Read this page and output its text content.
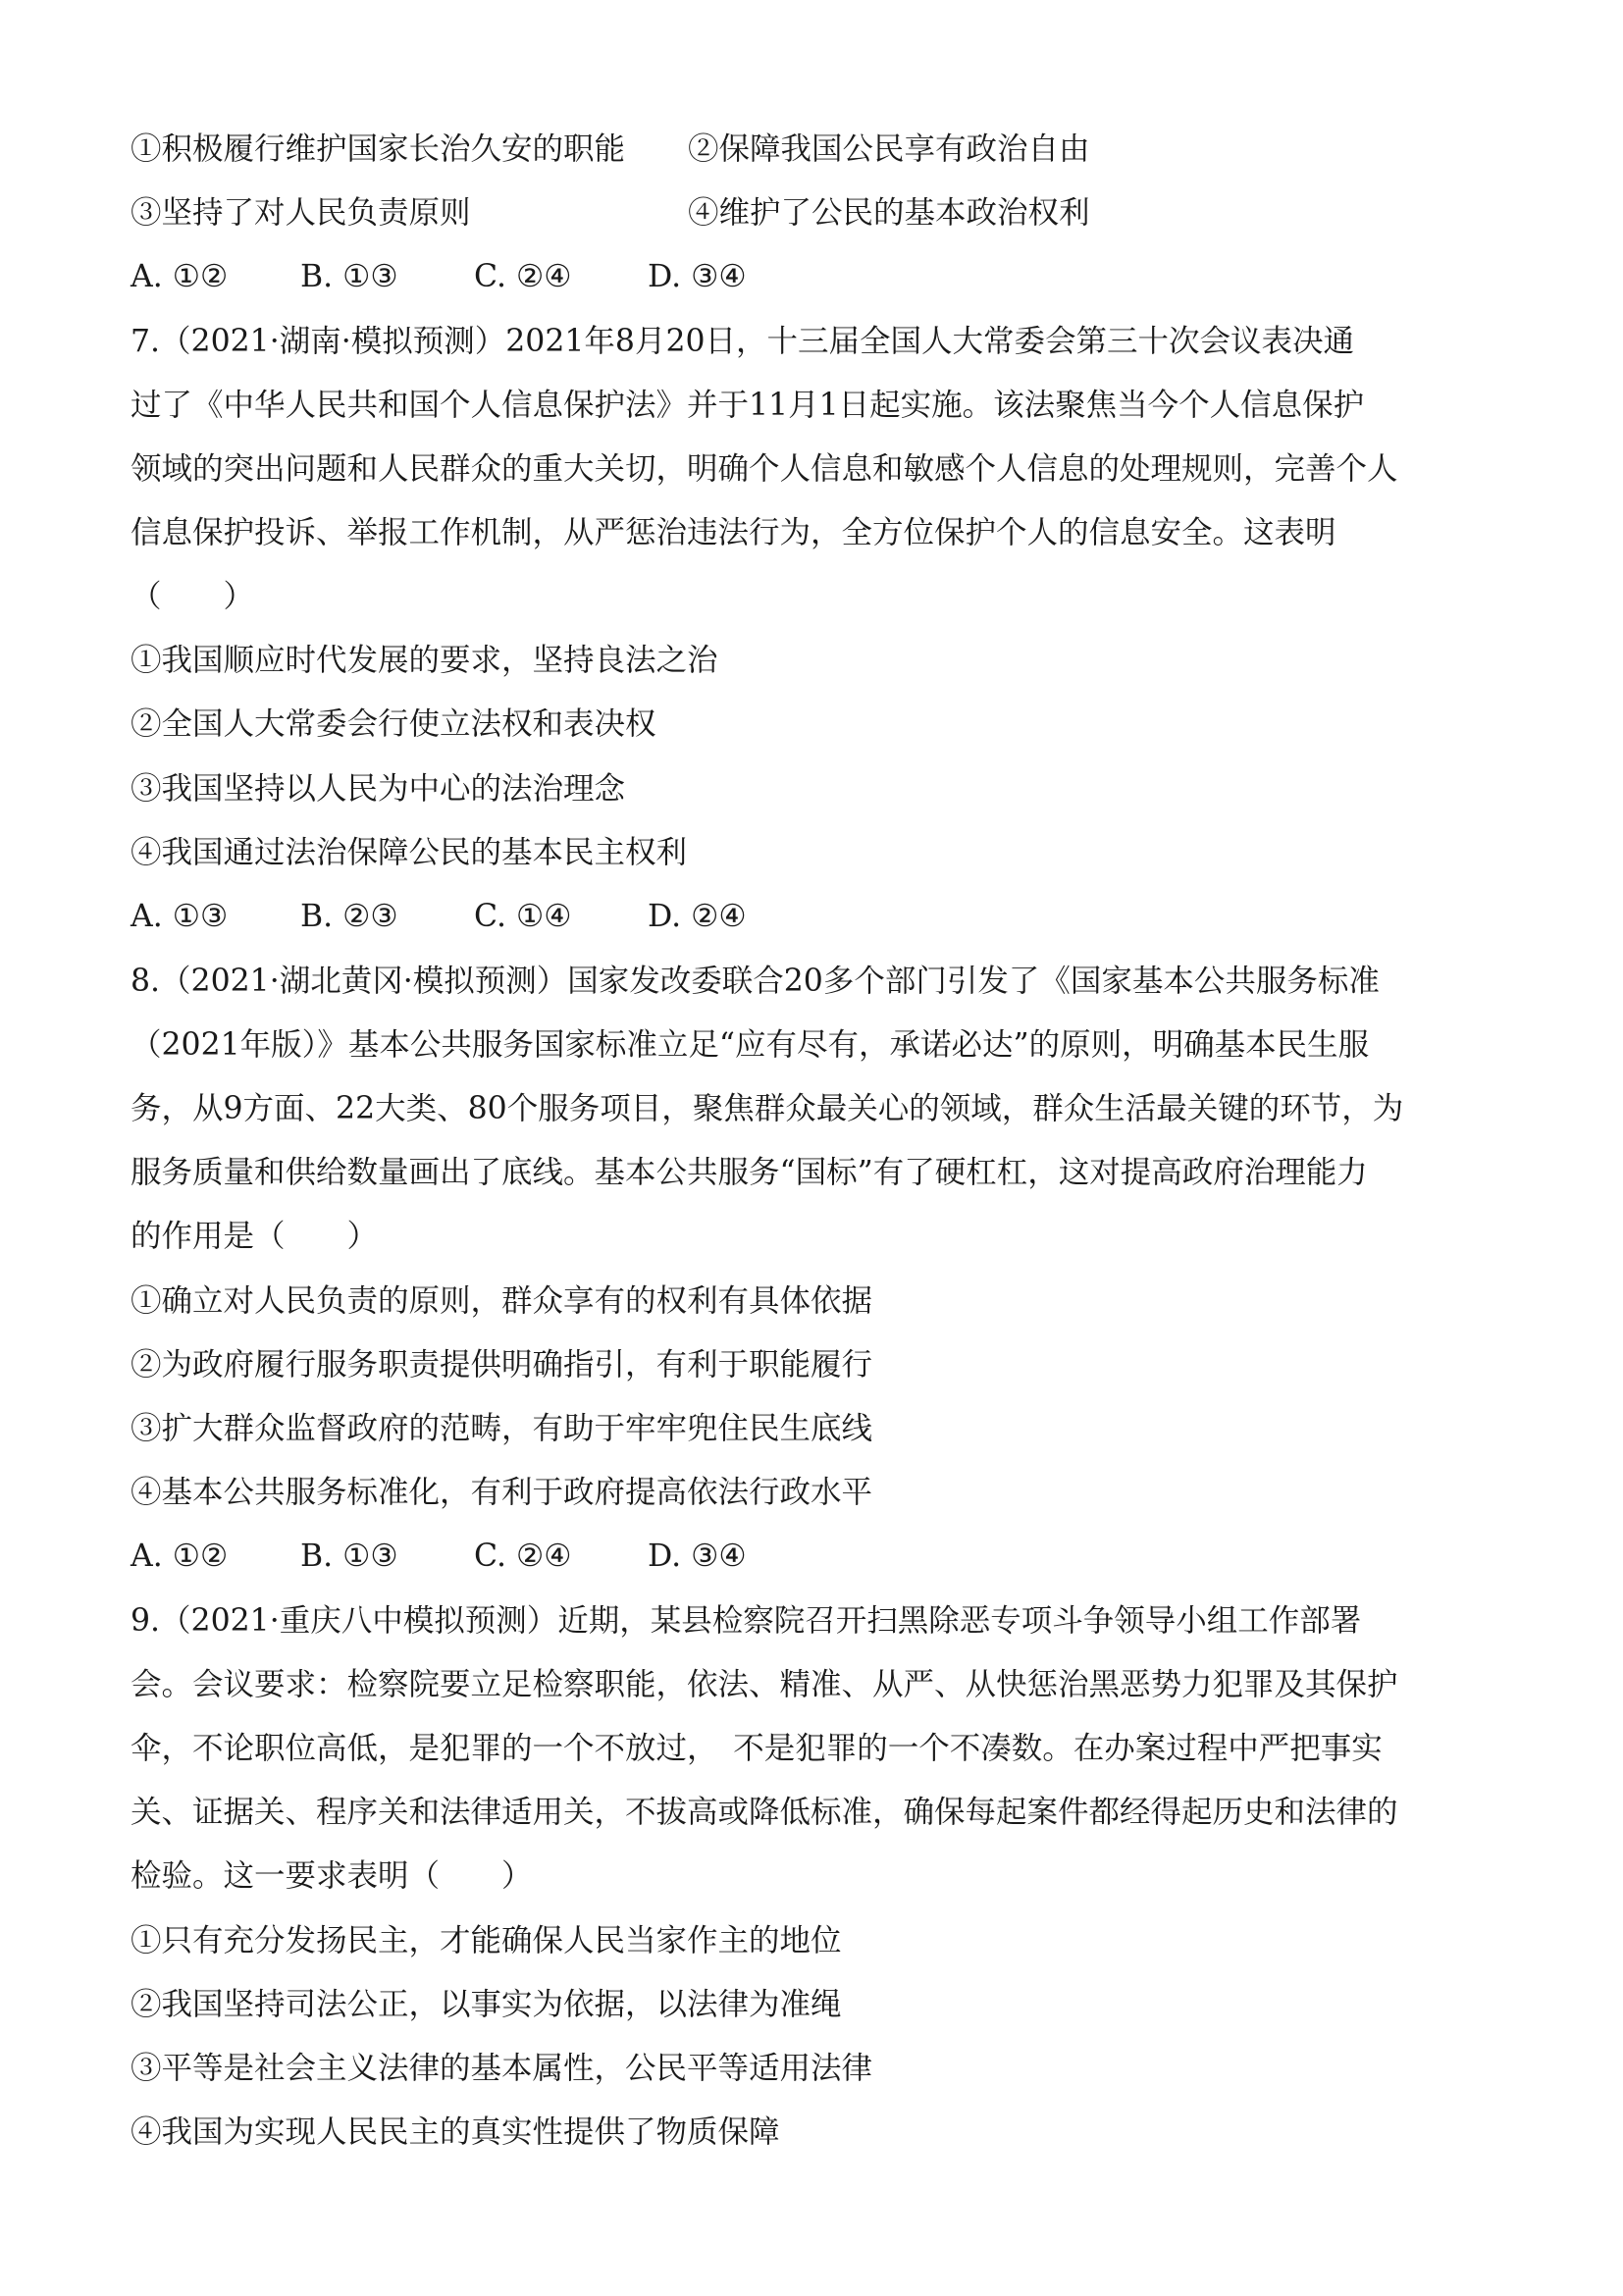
①积极履行维护国家长治久安的职能 ②保障我国公民享有政治自由
③坚持了对人民负责原则	④维护了公民的基本政治权利
A. ①② B. ①③ C. ②④ D. ③④
7.（2021·湖南·模拟预测）2021年8月20日，十三届全国人大常委会第三十次会议表决通
过了《中华人民共和国个人信息保护法》并于11月1日起实施。该法聚焦当今个人信息保护
领域的突出问题和人民群众的重大关切，明确个人信息和敏感个人信息的处理规则，完善个人
信息保护投诉、举报工作机制，从严惩治违法行为，全方位保护个人的信息安全。这表明
（　　）
①我国顺应时代发展的要求，坚持良法之治
②全国人大常委会行使立法权和表决权
③我国坚持以人民为中心的法治理念
④我国通过法治保障公民的基本民主权利
A. ①③ B. ②③ C. ①④ D. ②④
8.（2021·湖北黄冈·模拟预测）国家发改委联合20多个部门引发了《国家基本公共服务标准
（2021年版）》基本公共服务国家标准立足“应有尽有，承诺必达”的原则，明确基本民生服
务，从9方面、22大类、80个服务项目，聚焦群众最关心的领域，群众生活最关键的环节，为
服务质量和供给数量画出了底线。基本公共服务“国标”有了硬杠杠，这对提高政府治理能力
的作用是（　　）
①确立对人民负责的原则，群众享有的权利有具体依据
②为政府履行服务职责提供明确指引，有利于职能履行
③扩大群众监督政府的范畴，有助于牢牢兜住民生底线
④基本公共服务标准化，有利于政府提高依法行政水平
A. ①② B. ①③ C. ②④ D. ③④
9.（2021·重庆八中模拟预测）近期，某县检察院召开扫黑除恶专项斗争领导小组工作部署
会。会议要求：检察院要立足检察职能，依法、精准、从严、从快惩治黑恶势力犯罪及其保护
伞，不论职位高低，是犯罪的一个不放过，　不是犯罪的一个不凑数。在办案过程中严把事实
关、证据关、程序关和法律适用关，不拔高或降低标准，确保每起案件都经得起历史和法律的
检验。这一要求表明（　　）
①只有充分发扬民主，才能确保人民当家作主的地位
②我国坚持司法公正，以事实为依据，以法律为准绳
③平等是社会主义法律的基本属性，公民平等适用法律
④我国为实现人民民主的真实性提供了物质保障
